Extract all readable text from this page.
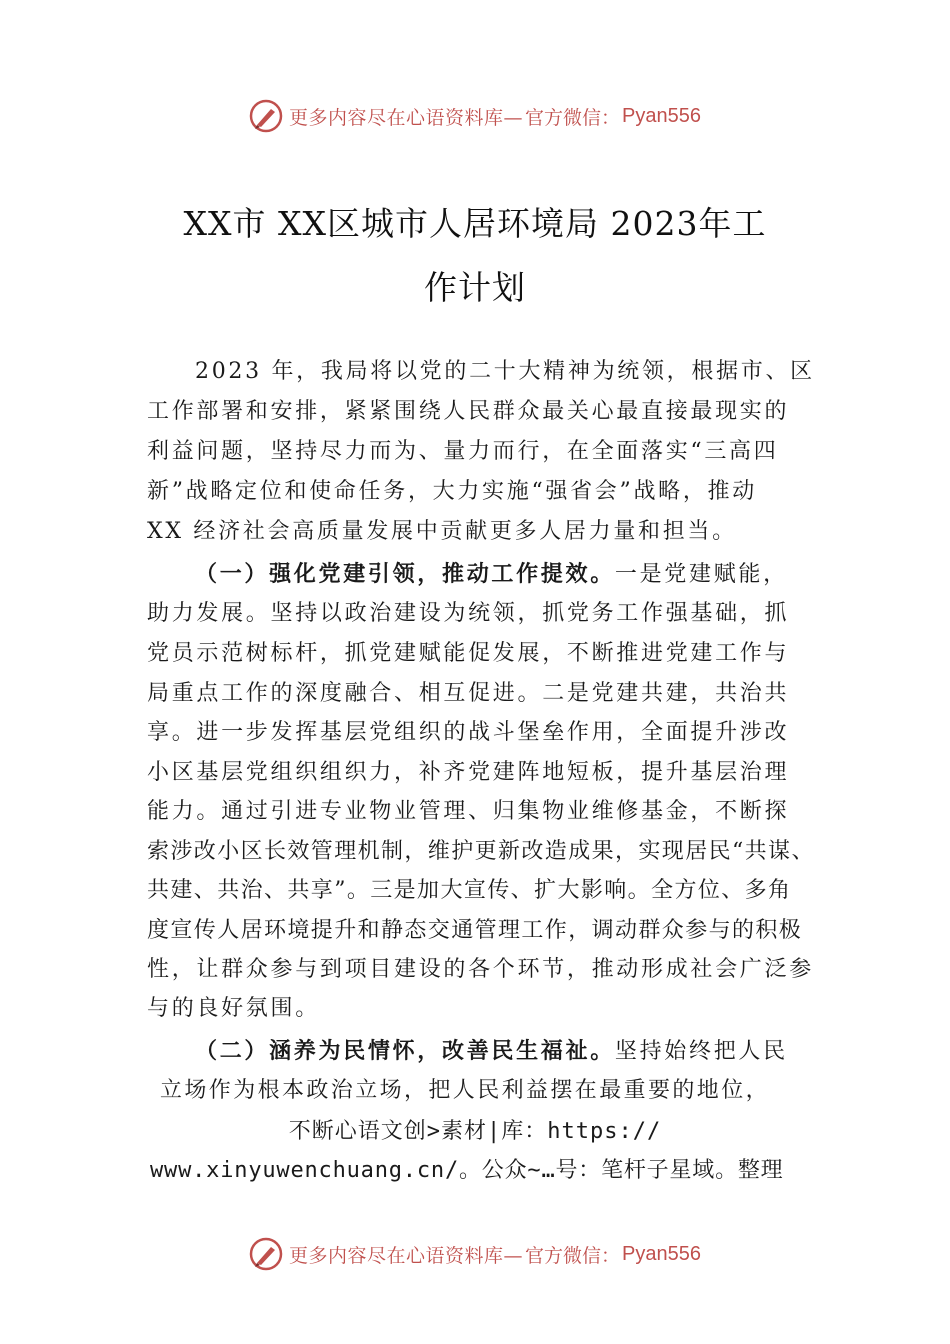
更多内容尽在心语资料库— 官方微信： Pyan556
XX市 XX区城市人居环境局 2023年工
作计划
2023 年，我局将以党的二十大精神为统领，根据市、区
工作部署和安排，紧紧围绕人民群众最关心最直接最现实的
利益问题，坚持尽力而为、量力而行，在全面落实“三高四
新”战略定位和使命任务，大力实施“强省会”战略，推动
XX 经济社会高质量发展中贡献更多人居力量和担当。
（一）强化党建引领，推动工作提效。一是党建赋能，
助力发展。坚持以政治建设为统领，抓党务工作强基础，抓
党员示范树标杆，抓党建赋能促发展，不断推进党建工作与
局重点工作的深度融合、相互促进。二是党建共建，共治共
享。进一步发挥基层党组织的战斗堡垒作用，全面提升涉改
小区基层党组织组织力，补齐党建阵地短板，提升基层治理
能力。通过引进专业物业管理、归集物业维修基金，不断探
索涉改小区长效管理机制，维护更新改造成果，实现居民“共谋、
共建、共治、共享”。三是加大宣传、扩大影响。全方位、多角
度宣传人居环境提升和静态交通管理工作，调动群众参与的积极
性，让群众参与到项目建设的各个环节，推动形成社会广泛参
与的良好氛围。
（二）涵养为民情怀，改善民生福祉。坚持始终把人民
立场作为根本政治立场，把人民利益摆在最重要的地位，
不断心语文创>素材|库：https://
www.xinyuwenchuang.cn/。公众~…号：笔杆子星域。整理
更多内容尽在心语资料库— 官方微信： Pyan556
